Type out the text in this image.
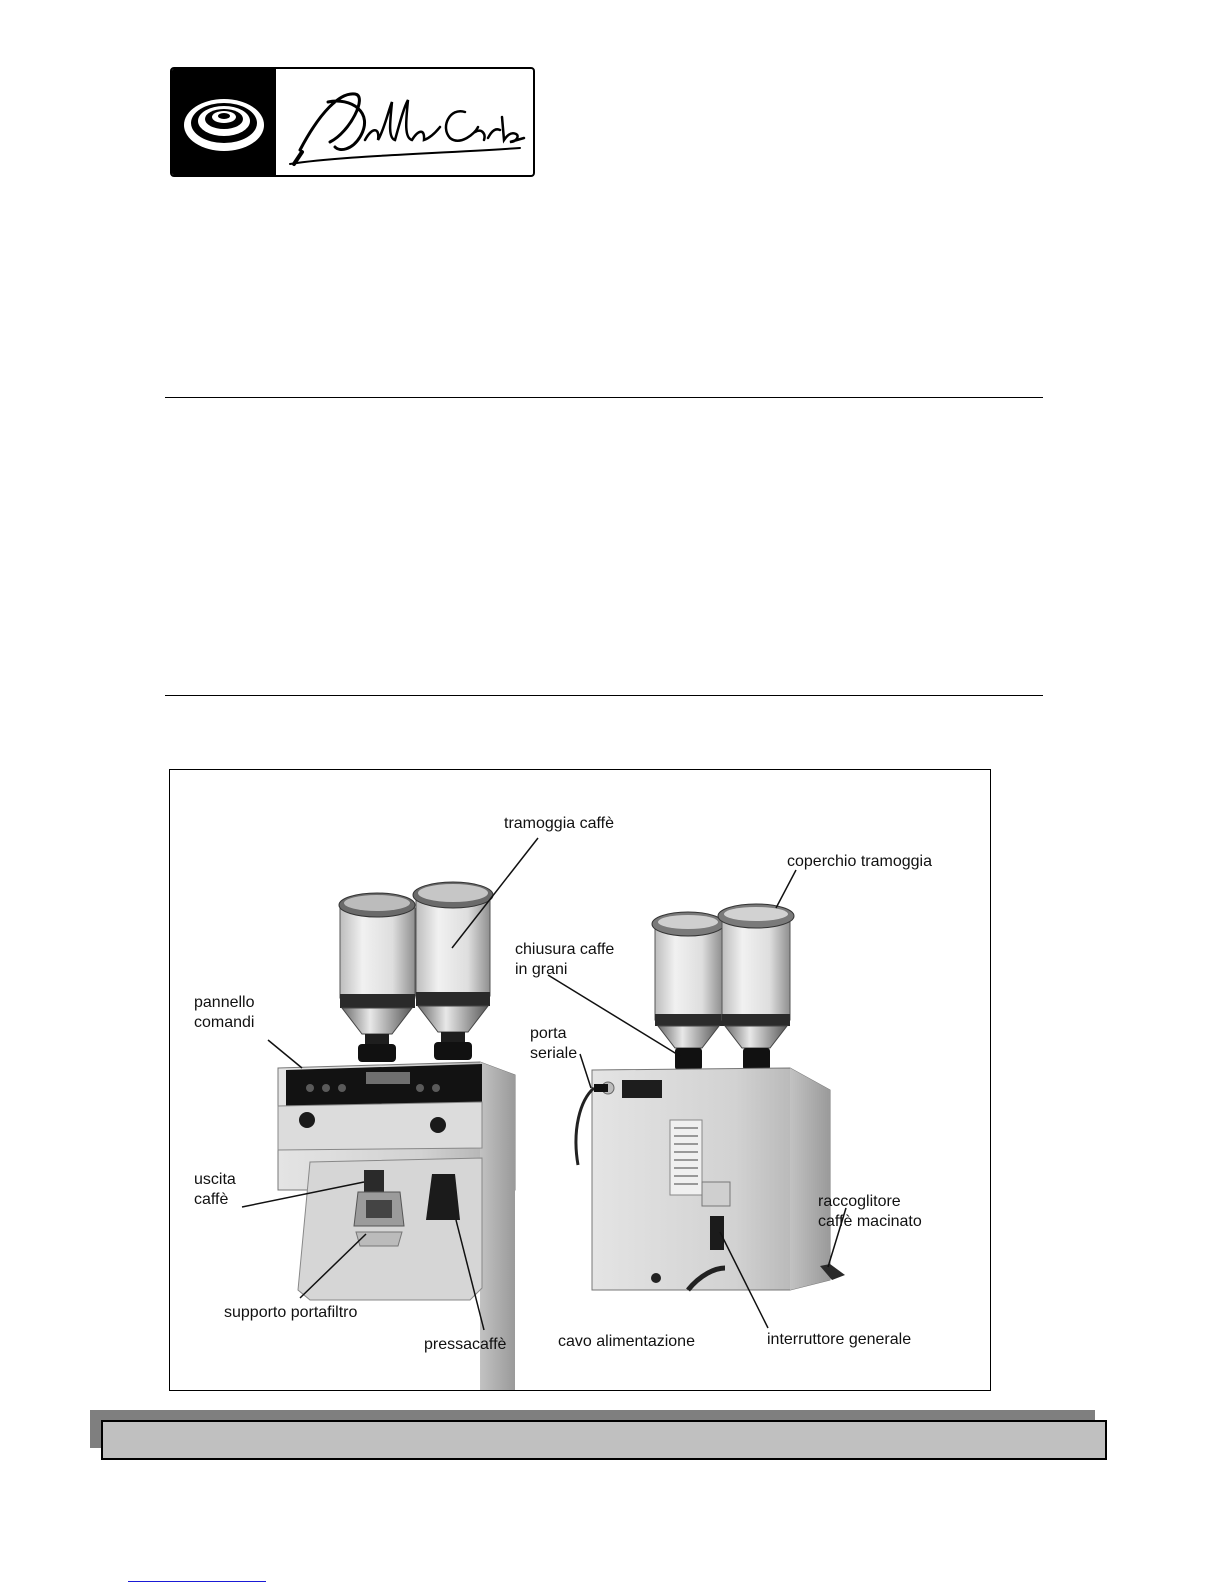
tramoggia caffè
coperchio tramoggia
chiusura caffe
in grani
pannello
comandi
porta
seriale
uscita
caffè	raccoglitore
caffè macinato
supporto portafiltro
pressacaffè	cavo alimentazione	interruttore generale
